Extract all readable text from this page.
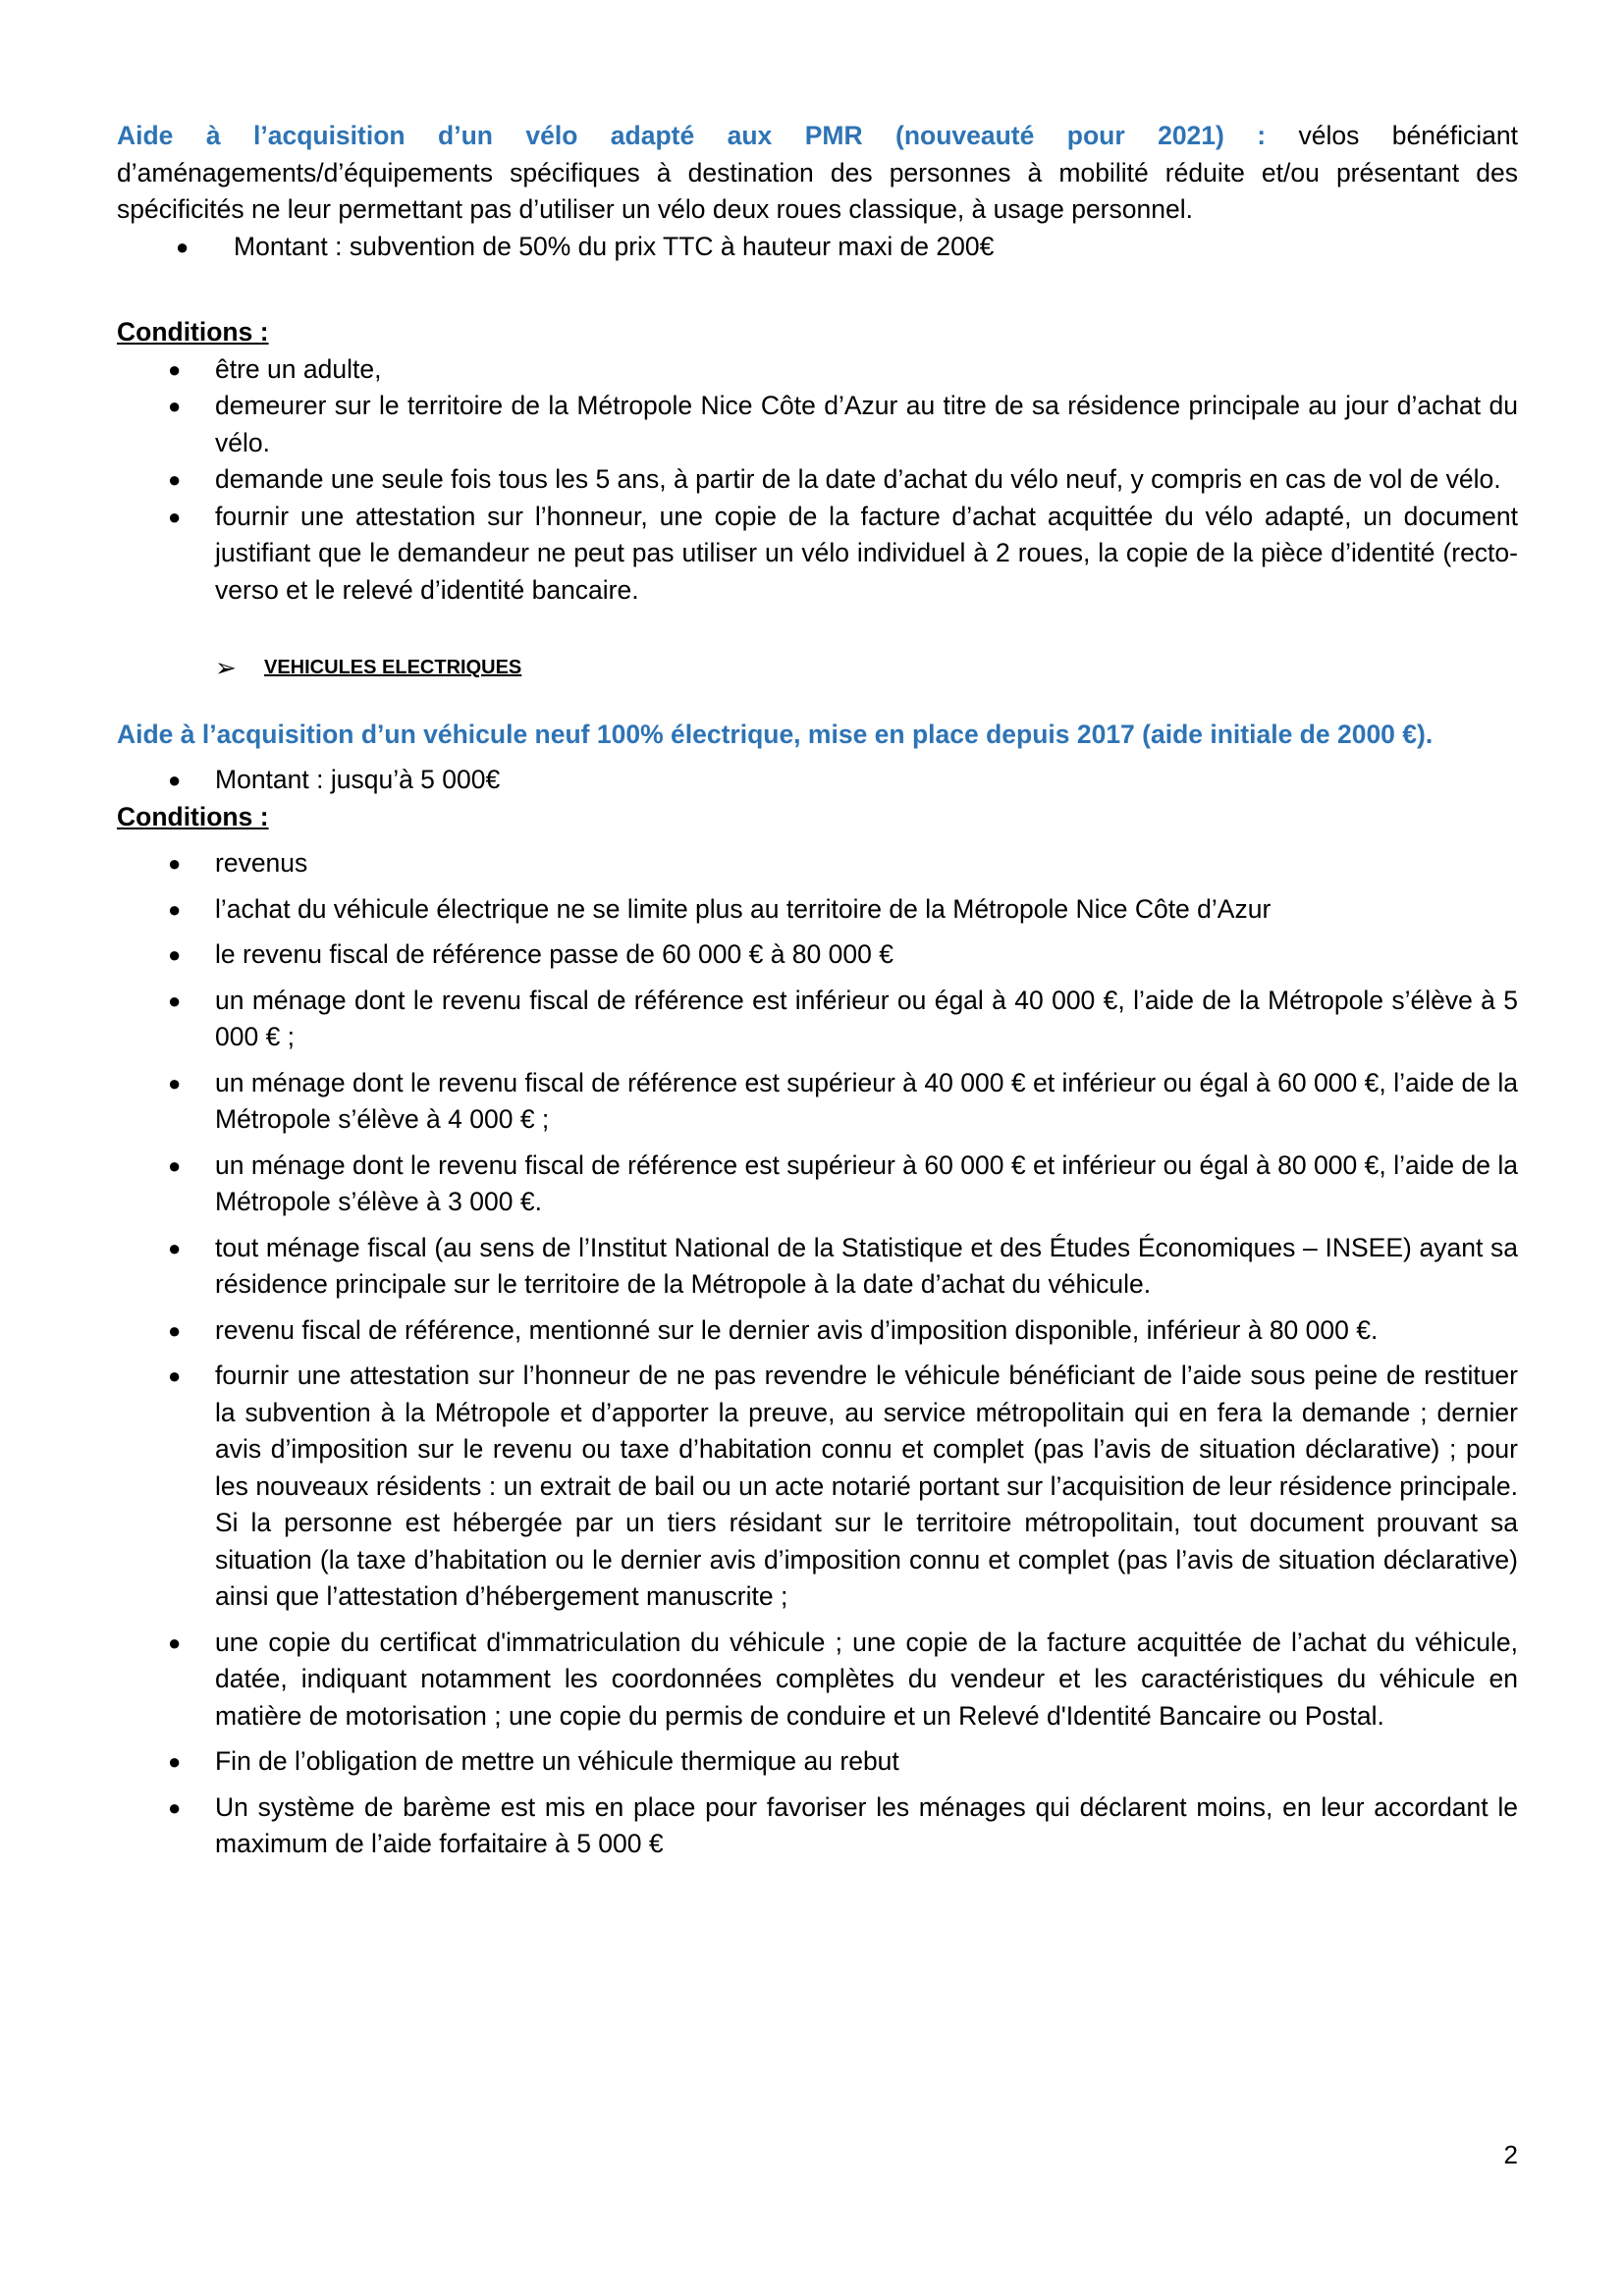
Aide à l’acquisition d’un vélo adapté aux PMR (nouveauté pour 2021) : vélos bénéficiant d’aménagements/d’équipements spécifiques à destination des personnes à mobilité réduite et/ou présentant des spécificités ne leur permettant pas d’utiliser un vélo deux roues classique, à usage personnel.

● Montant : subvention de 50% du prix TTC à hauteur maxi de 200€

Conditions :

● être un adulte,
● demeurer sur le territoire de la Métropole Nice Côte d’Azur au titre de sa résidence principale au jour d’achat du vélo.
● demande une seule fois tous les 5 ans, à partir de la date d’achat du vélo neuf, y compris en cas de vol de vélo.
● fournir une attestation sur l’honneur, une copie de la facture d’achat acquittée du vélo adapté, un document justifiant que le demandeur ne peut pas utiliser un vélo individuel à 2 roues, la copie de la pièce d’identité (recto-verso et le relevé d’identité bancaire.
➢ VEHICULES ELECTRIQUES

Aide à l’acquisition d’un véhicule neuf 100% électrique, mise en place depuis 2017 (aide initiale de 2000 €).

● Montant : jusqu’à 5 000€

Conditions :

● revenus
● l’achat du véhicule électrique ne se limite plus au territoire de la Métropole Nice Côte d’Azur
● le revenu fiscal de référence passe de 60 000 € à 80 000 €
● un ménage dont le revenu fiscal de référence est inférieur ou égal à 40 000 €, l’aide de la Métropole s’élève à 5 000 € ;
● un ménage dont le revenu fiscal de référence est supérieur à 40 000 € et inférieur ou égal à 60 000 €, l’aide de la Métropole s’élève à 4 000 € ;
● un ménage dont le revenu fiscal de référence est supérieur à 60 000 € et inférieur ou égal à 80 000 €, l’aide de la Métropole s’élève à 3 000 €.
● tout ménage fiscal (au sens de l’Institut National de la Statistique et des Études Économiques – INSEE) ayant sa résidence principale sur le territoire de la Métropole à la date d’achat du véhicule.
● revenu fiscal de référence, mentionné sur le dernier avis d’imposition disponible, inférieur à 80 000 €.
● fournir une attestation sur l’honneur de ne pas revendre le véhicule bénéficiant de l’aide sous peine de restituer la subvention à la Métropole et d’apporter la preuve, au service métropolitain qui en fera la demande ; dernier avis d’imposition sur le revenu ou taxe d’habitation connu et complet (pas l’avis de situation déclarative) ; pour les nouveaux résidents : un extrait de bail ou un acte notarié portant sur l’acquisition de leur résidence principale. Si la personne est hébergée par un tiers résidant sur le territoire métropolitain, tout document prouvant sa situation (la taxe d’habitation ou le dernier avis d’imposition connu et complet (pas l’avis de situation déclarative) ainsi que l’attestation d’hébergement manuscrite ;
● une copie du certificat d'immatriculation du véhicule ; une copie de la facture acquittée de l’achat du véhicule, datée, indiquant notamment les coordonnées complètes du vendeur et les caractéristiques du véhicule en matière de motorisation ; une copie du permis de conduire et un Relevé d'Identité Bancaire ou Postal.
● Fin de l’obligation de mettre un véhicule thermique au rebut
● Un système de barème est mis en place pour favoriser les ménages qui déclarent moins, en leur accordant le maximum de l’aide forfaitaire à 5 000 €
2
